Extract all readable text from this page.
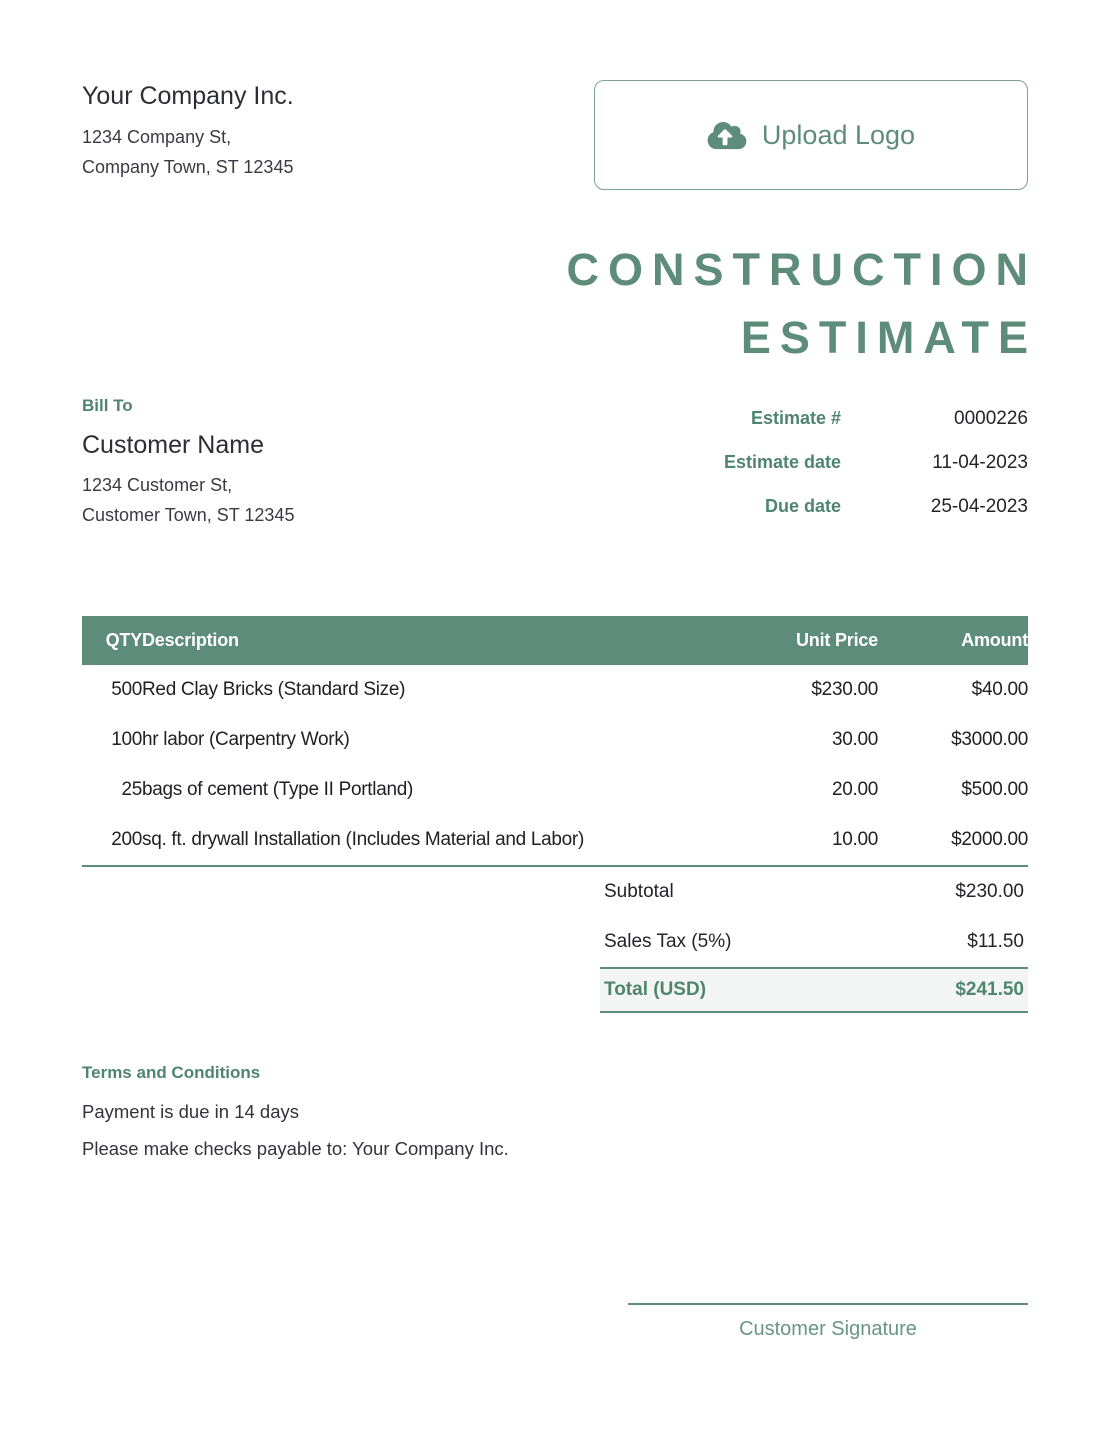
Your Company Inc.
1234 Company St,
Company Town, ST 12345
Upload Logo
CONSTRUCTION
ESTIMATE
Bill To
Customer Name
1234 Customer St,
Customer Town, ST 12345
Estimate #	0000226
Estimate date	11-04-2023
Due date	25-04-2023
QTY	Description	Unit Price	Amount
500	Red Clay Bricks (Standard Size)	$230.00	$40.00
100	hr labor (Carpentry Work)	30.00	$3000.00
25	bags of cement (Type II Portland)	20.00	$500.00
200	sq. ft. drywall Installation (Includes Material and Labor)	10.00	$2000.00
Subtotal	$230.00
Sales Tax (5%)	$11.50
Total (USD)	$241.50
Terms and Conditions
Payment is due in 14 days
Please make checks payable to: Your Company Inc.
Customer Signature
